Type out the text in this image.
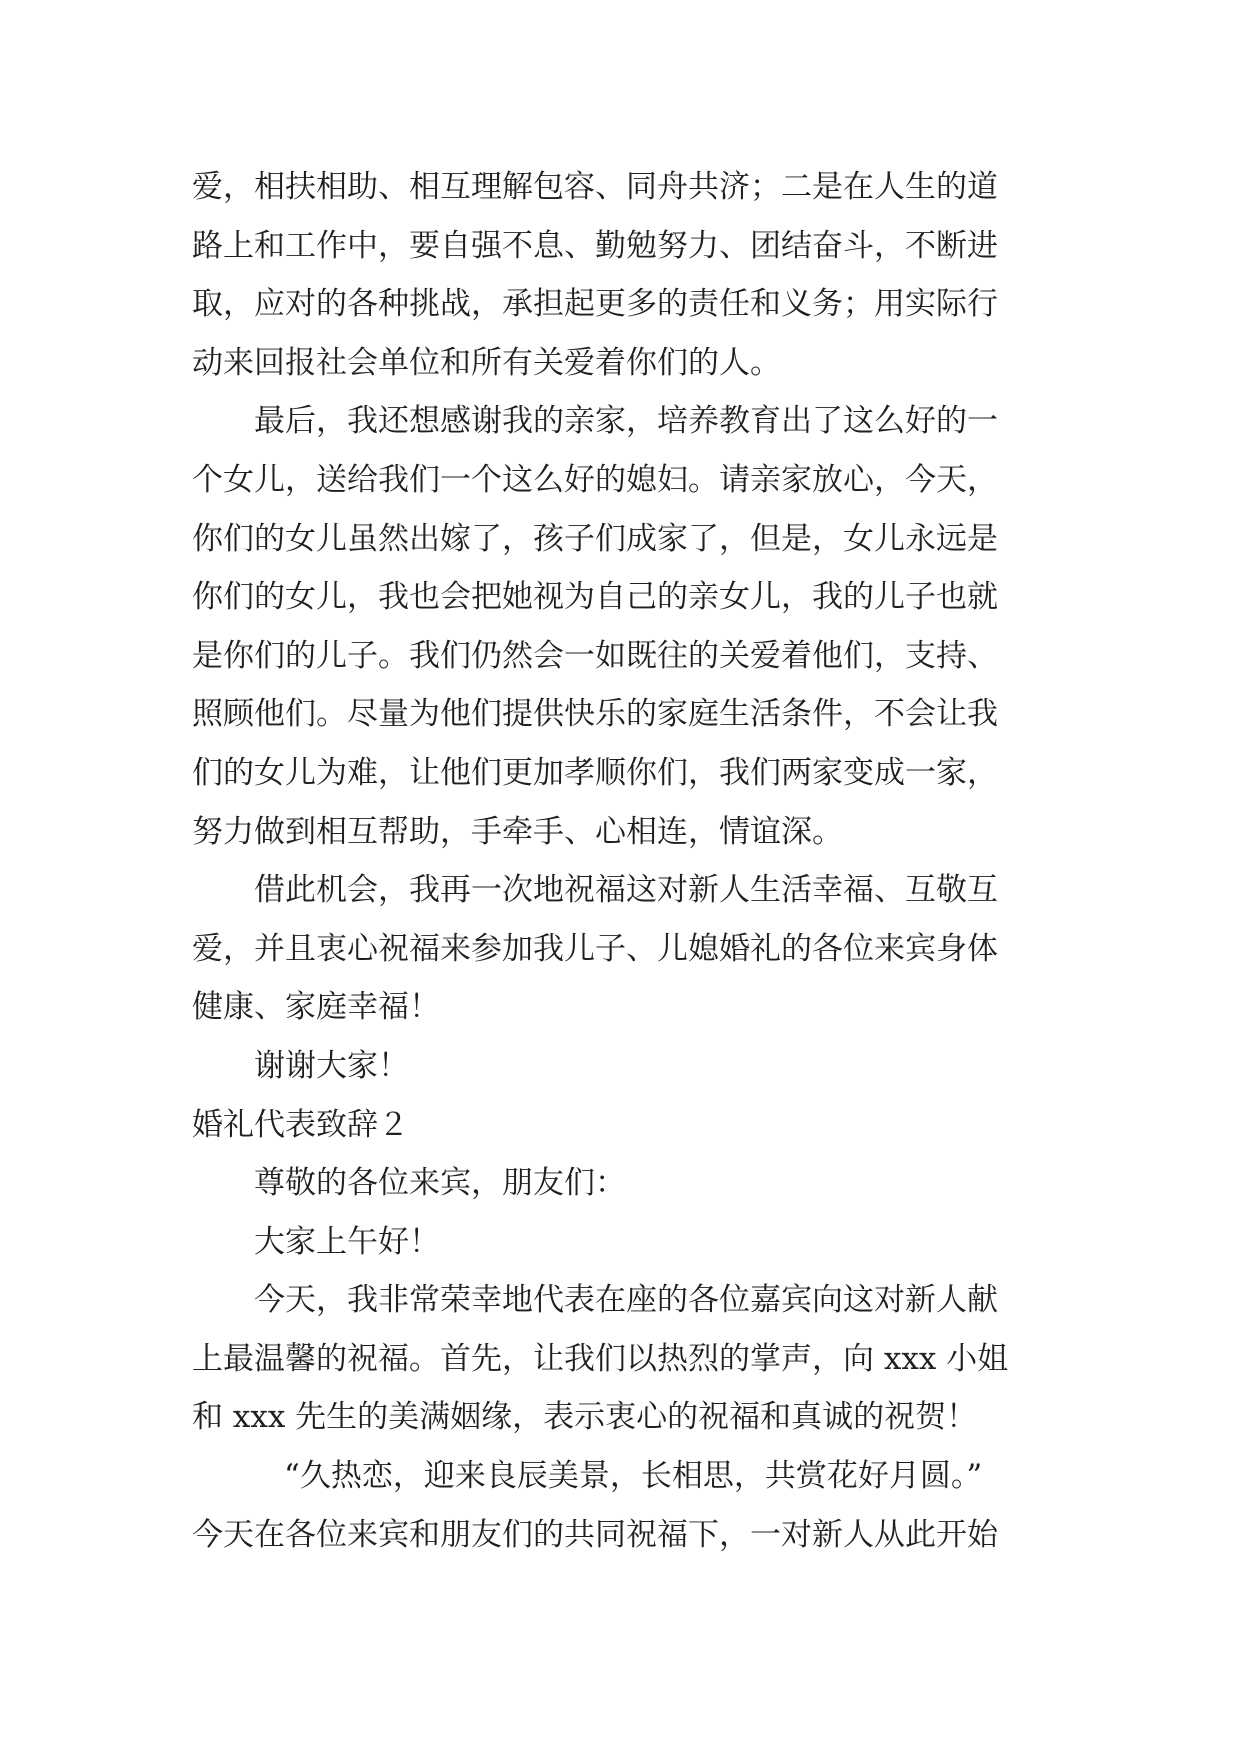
爱，相扶相助、相互理解包容、同舟共济；二是在人生的道
路上和工作中，要自强不息、勤勉努力、团结奋斗，不断进
取，应对的各种挑战，承担起更多的责任和义务；用实际行
动来回报社会单位和所有关爱着你们的人。
最后，我还想感谢我的亲家，培养教育出了这么好的一
个女儿，送给我们一个这么好的媳妇。请亲家放心，今天，
你们的女儿虽然出嫁了，孩子们成家了，但是，女儿永远是
你们的女儿，我也会把她视为自己的亲女儿，我的儿子也就
是你们的儿子。我们仍然会一如既往的关爱着他们，支持、
照顾他们。尽量为他们提供快乐的家庭生活条件，不会让我
们的女儿为难，让他们更加孝顺你们，我们两家变成一家，
努力做到相互帮助，手牵手、心相连，情谊深。
借此机会，我再一次地祝福这对新人生活幸福、互敬互
爱，并且衷心祝福来参加我儿子、儿媳婚礼的各位来宾身体
健康、家庭幸福！
谢谢大家！
婚礼代表致辞２
尊敬的各位来宾，朋友们：
大家上午好！
今天，我非常荣幸地代表在座的各位嘉宾向这对新人献
上最温馨的祝福。首先，让我们以热烈的掌声，向 xxx 小姐
和 xxx 先生的美满姻缘，表示衷心的祝福和真诚的祝贺！
“久热恋，迎来良辰美景，长相思，共赏花好月圆。”
今天在各位来宾和朋友们的共同祝福下，一对新人从此开始
